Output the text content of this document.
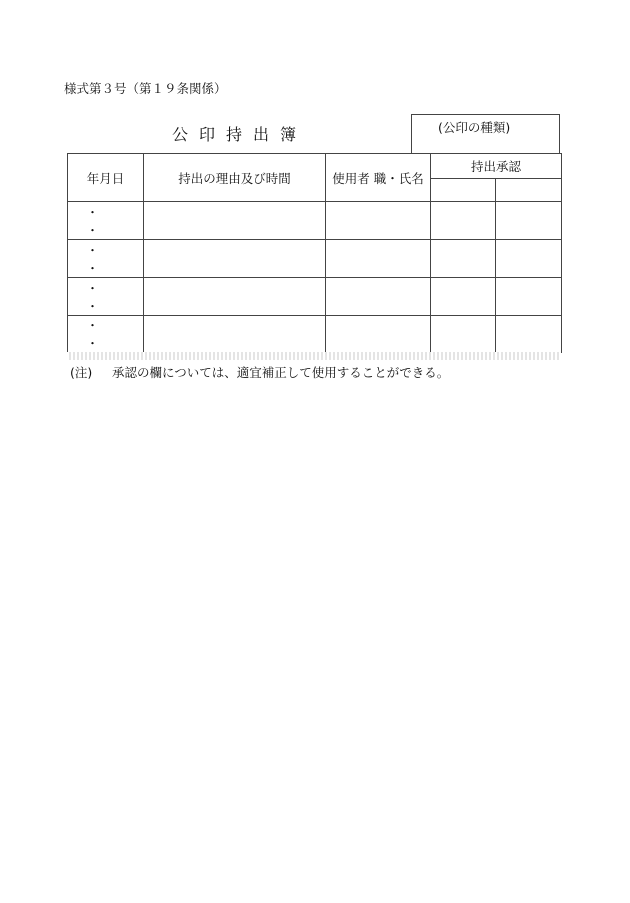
様式第３号（第１９条関係）
公印持出簿	(公印の種類)
年月日	持出の理由及び時間	使用者 職・氏名	持出承認	

・ ・				
・ ・				
・ ・				
・ ・				
(注) 承認の欄については、適宜補正して使用することができる。
